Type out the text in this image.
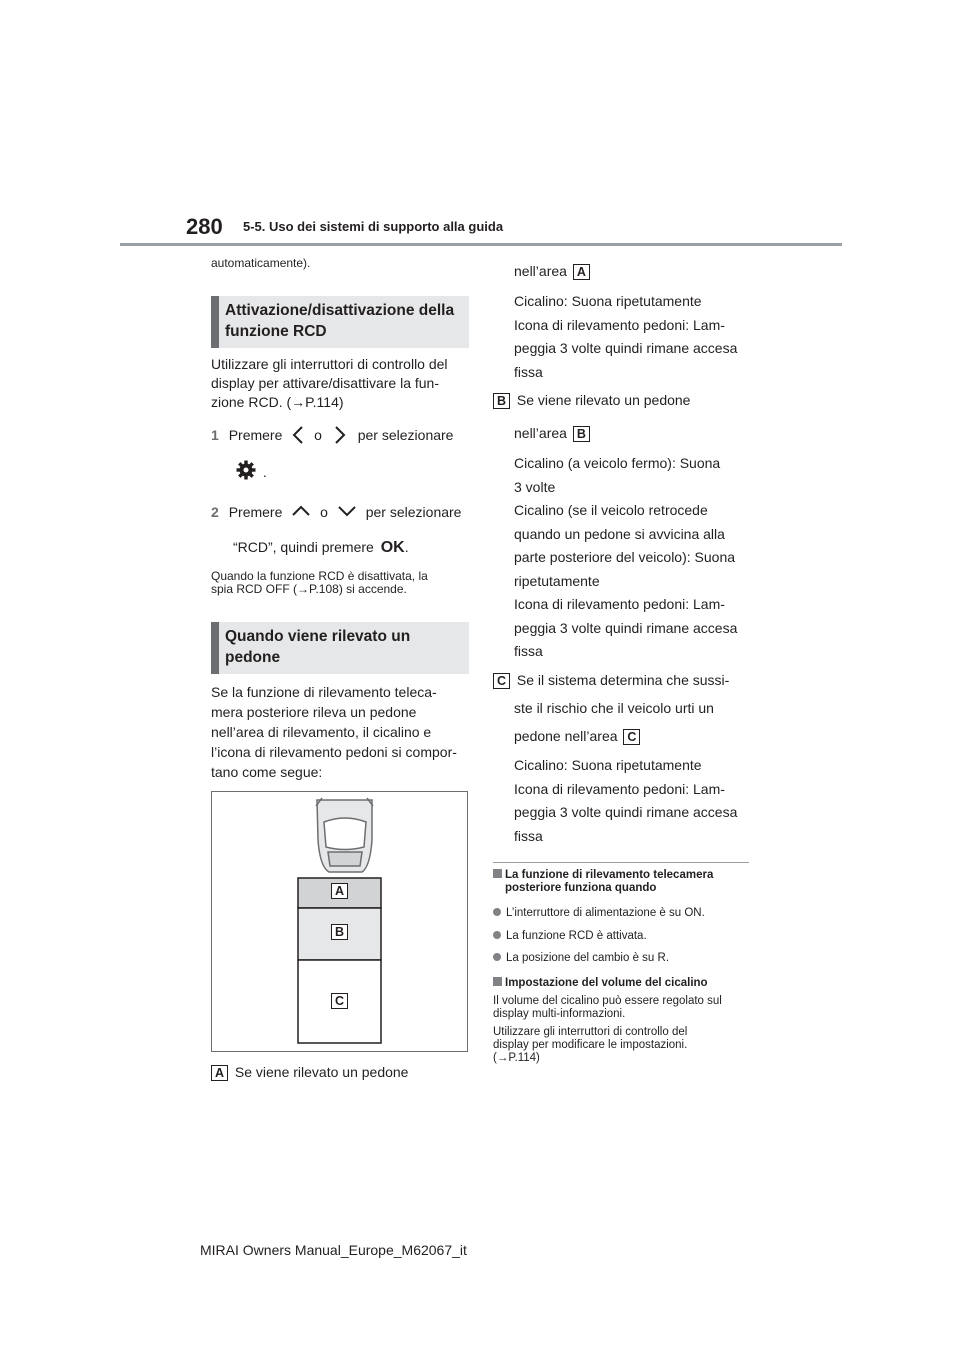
280 5-5. Uso dei sistemi di supporto alla guida
automaticamente).
Attivazione/disattivazione della
funzione RCD
Utilizzare gli interruttori di controllo del
display per attivare/disattivare la fun-
zione RCD. (→P.114)
1 Premere o	per selezionare
.
2 Premere	o	per selezionare
“RCD”, quindi premere OK.
Quando la funzione RCD è disattivata, la
spia RCD OFF (→P.108) si accende.
Quando viene rilevato un
pedone
Se la funzione di rilevamento teleca-
mera posteriore rileva un pedone
nell’area di rilevamento, il cicalino e
l’icona di rilevamento pedoni si compor-
tano come segue:
A
B
C
A Se viene rilevato un pedone
nell’area A
Cicalino: Suona ripetutamente
Icona di rilevamento pedoni: Lam-
peggia 3 volte quindi rimane accesa
fissa
B Se viene rilevato un pedone
nell’area B
Cicalino (a veicolo fermo): Suona
3 volte
Cicalino (se il veicolo retrocede
quando un pedone si avvicina alla
parte posteriore del veicolo): Suona
ripetutamente
Icona di rilevamento pedoni: Lam-
peggia 3 volte quindi rimane accesa
fissa
C Se il sistema determina che sussi-
ste il rischio che il veicolo urti un
pedone nell’area C
Cicalino: Suona ripetutamente
Icona di rilevamento pedoni: Lam-
peggia 3 volte quindi rimane accesa
fissa
La funzione di rilevamento telecamera
posteriore funziona quando
L’interruttore di alimentazione è su ON.
La funzione RCD è attivata.
La posizione del cambio è su R.
Impostazione del volume del cicalino
Il volume del cicalino può essere regolato sul
display multi-informazioni.
Utilizzare gli interruttori di controllo del
display per modificare le impostazioni.
(→P.114)
MIRAI Owners Manual_Europe_M62067_it
